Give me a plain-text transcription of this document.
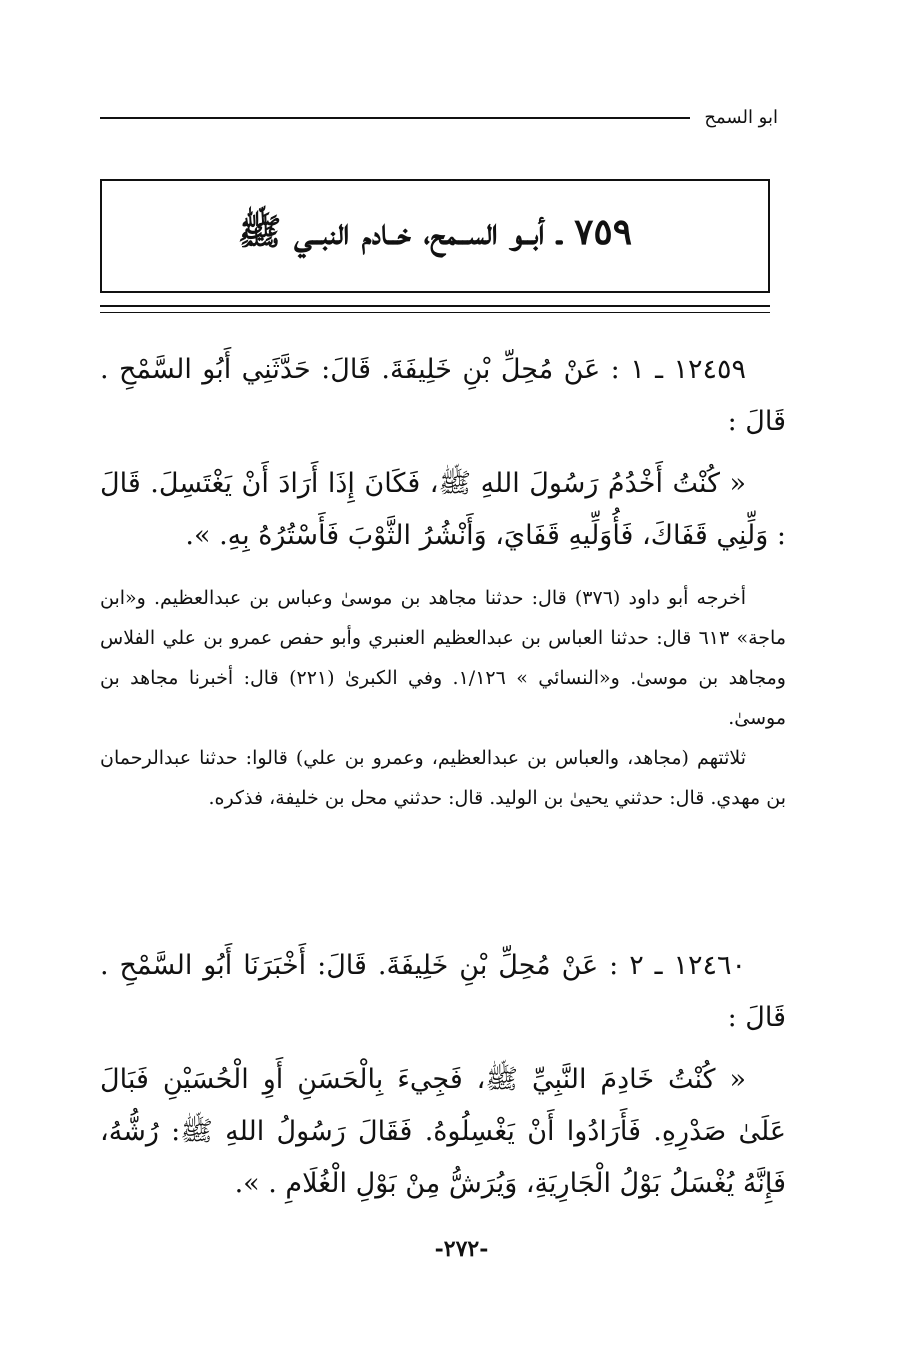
ابو السمح
٧٥٩ ـ أبــو الســمح، خــادم النبــي ﷺ

١٢٤٥٩ ـ ١ : عَنْ مُحِلِّ بْنِ خَلِيفَةَ. قَالَ: حَدَّثَنِي أَبُو السَّمْحِ . قَالَ :

« كُنْتُ أَخْدُمُ رَسُولَ اللهِ ﷺ، فَكَانَ إِذَا أَرَادَ أَنْ يَغْتَسِلَ. قَالَ : وَلِّنِي قَفَاكَ، فَأُوَلِّيهِ قَفَايَ، وَأَنْشُرُ الثَّوْبَ فَأَسْتُرُهُ بِهِ. ».

أخرجه أبو داود (٣٧٦) قال: حدثنا مجاهد بن موسىٰ وعباس بن عبدالعظيم. و«ابن ماجة» ٦١٣ قال: حدثنا العباس بن عبدالعظيم العنبري وأبو حفص عمرو بن علي الفلاس ومجاهد بن موسىٰ. و«النسائي » ١/١٢٦. وفي الكبرىٰ (٢٢١) قال: أخبرنا مجاهد بن موسىٰ.

ثلاثتهم (مجاهد، والعباس بن عبدالعظيم، وعمرو بن علي) قالوا: حدثنا عبدالرحمان بن مهدي. قال: حدثني يحيىٰ بن الوليد. قال: حدثني محل بن خليفة، فذكره.

١٢٤٦٠ ـ ٢ : عَنْ مُحِلِّ بْنِ خَلِيفَةَ. قَالَ: أَخْبَرَنَا أَبُو السَّمْحِ . قَالَ :

« كُنْتُ خَادِمَ النَّبِيِّ ﷺ، فَجِيءَ بِالْحَسَنِ أَوِ الْحُسَيْنِ فَبَالَ عَلَىٰ صَدْرِهِ. فَأَرَادُوا أَنْ يَغْسِلُوهُ. فَقَالَ رَسُولُ اللهِ ﷺ: رُشُّهُ، فَإِنَّهُ يُغْسَلُ بَوْلُ الْجَارِيَةِ، وَيُرَشُّ مِنْ بَوْلِ الْغُلَامِ . ».

-٢٧٢-
